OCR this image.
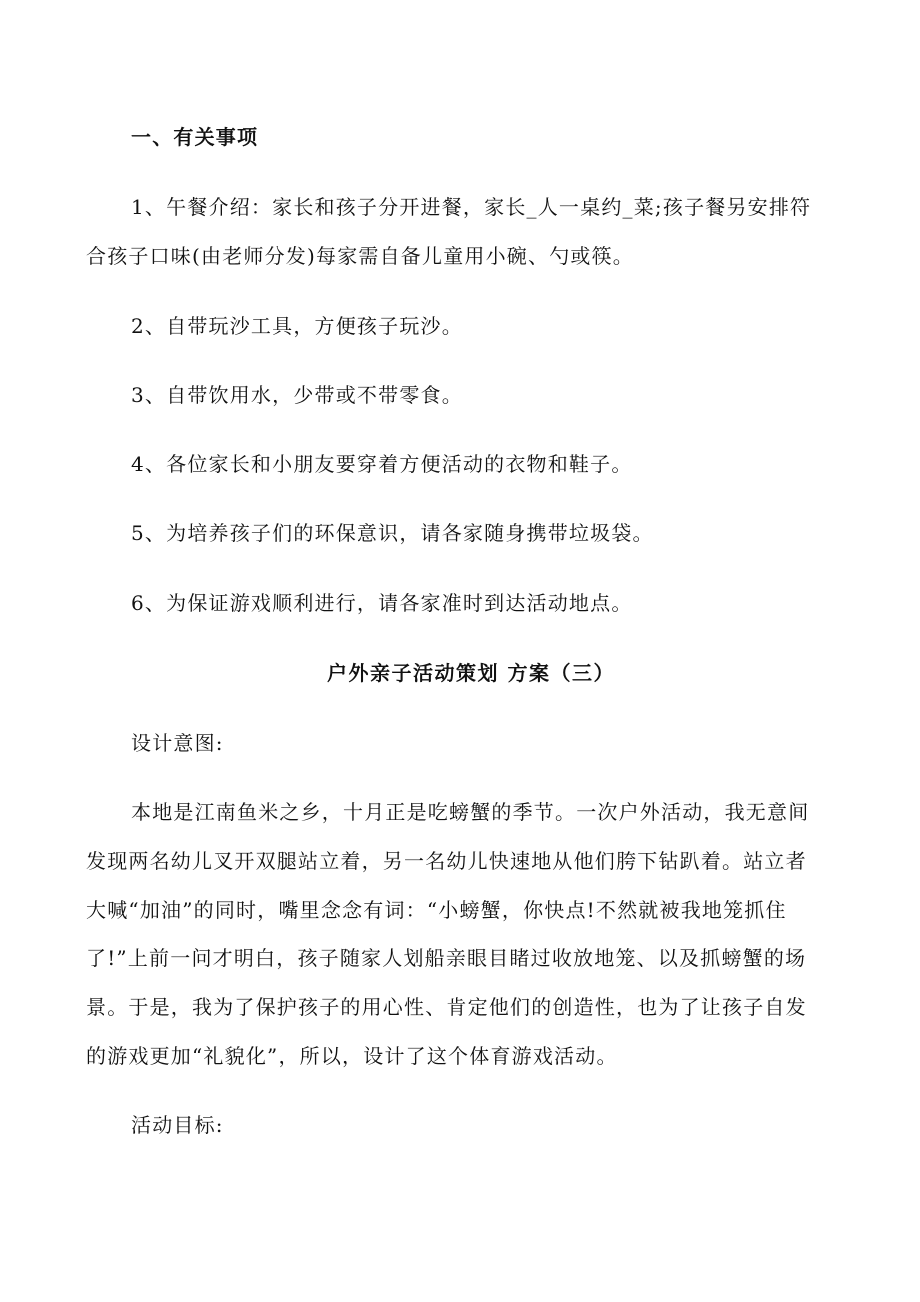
一、有关事项
1、午餐介绍：家长和孩子分开进餐，家长_人一桌约_菜;孩子餐另安排符
合孩子口味(由老师分发)每家需自备儿童用小碗、勺或筷。
2、自带玩沙工具，方便孩子玩沙。
3、自带饮用水，少带或不带零食。
4、各位家长和小朋友要穿着方便活动的衣物和鞋子。
5、为培养孩子们的环保意识，请各家随身携带垃圾袋。
6、为保证游戏顺利进行，请各家准时到达活动地点。
户外亲子活动策划 方案（三）
设计意图:
本地是江南鱼米之乡，十月正是吃螃蟹的季节。一次户外活动，我无意间
发现两名幼儿叉开双腿站立着，另一名幼儿快速地从他们胯下钻趴着。站立者
大喊“加油”的同时，嘴里念念有词：“小螃蟹，你快点!不然就被我地笼抓住
了!”上前一问才明白，孩子随家人划船亲眼目睹过收放地笼、以及抓螃蟹的场
景。于是，我为了保护孩子的用心性、肯定他们的创造性，也为了让孩子自发
的游戏更加“礼貌化”，所以，设计了这个体育游戏活动。
活动目标:
